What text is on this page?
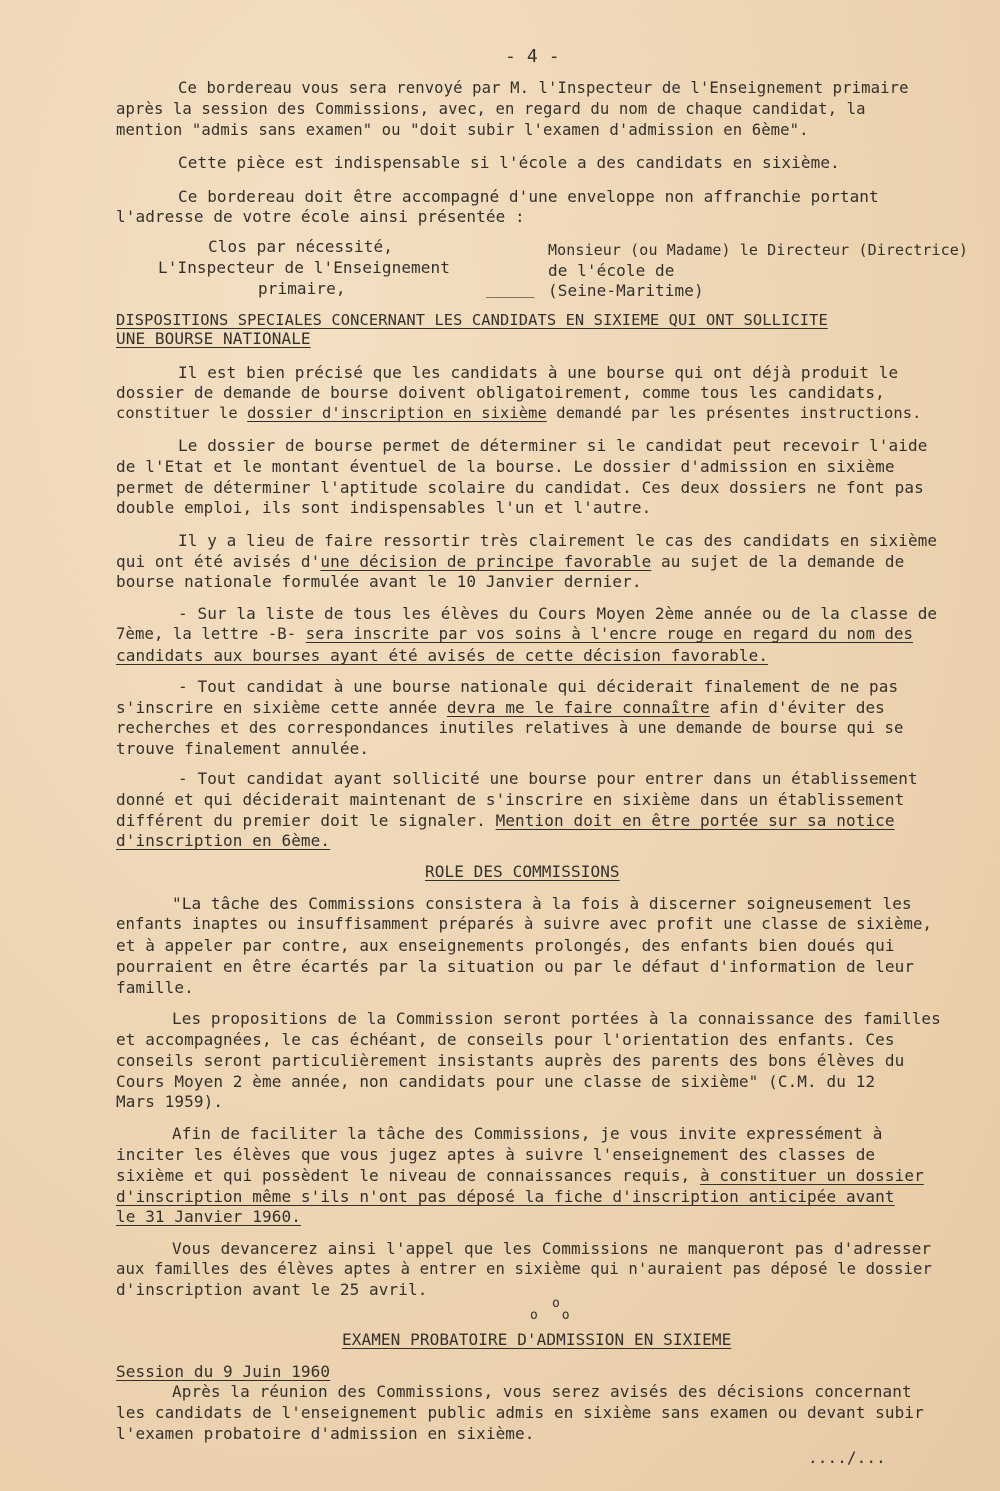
- 4 -

Ce bordereau vous sera renvoyé par M. l'Inspecteur de l'Enseignement primaire

après la session des Commissions, avec, en regard du nom de chaque candidat, la

mention "admis sans examen" ou "doit subir l'examen d'admission en 6ème".

Cette pièce est indispensable si l'école a des candidats en sixième.

Ce bordereau doit être accompagné d'une enveloppe non affranchie portant

l'adresse de votre école ainsi présentée :

Clos par nécessité,

L'Inspecteur de l'Enseignement

primaire,	_____

Monsieur (ou Madame) le Directeur (Directrice)

de l'école de

(Seine-Maritime)

DISPOSITIONS SPECIALES CONCERNANT LES CANDIDATS EN SIXIEME QUI ONT SOLLICITE

UNE BOURSE NATIONALE

Il est bien précisé que les candidats à une bourse qui ont déjà produit le

dossier de demande de bourse doivent obligatoirement, comme tous les candidats,

constituer le dossier d'inscription en sixième demandé par les présentes instructions.

Le dossier de bourse permet de déterminer si le candidat peut recevoir l'aide

de l'Etat et le montant éventuel de la bourse. Le dossier d'admission en sixième

permet de déterminer l'aptitude scolaire du candidat. Ces deux dossiers ne font pas

double emploi, ils sont indispensables l'un et l'autre.

Il y a lieu de faire ressortir très clairement le cas des candidats en sixième

qui ont été avisés d'une décision de principe favorable au sujet de la demande de

bourse nationale formulée avant le 10 Janvier dernier.

- Sur la liste de tous les élèves du Cours Moyen 2ème année ou de la classe de

7ème, la lettre -B- sera inscrite par vos soins à l'encre rouge en regard du nom des

candidats aux bourses ayant été avisés de cette décision favorable.

- Tout candidat à une bourse nationale qui déciderait finalement de ne pas

s'inscrire en sixième cette année devra me le faire connaître afin d'éviter des

recherches et des correspondances inutiles relatives à une demande de bourse qui se

trouve finalement annulée.

- Tout candidat ayant sollicité une bourse pour entrer dans un établissement

donné et qui déciderait maintenant de s'inscrire en sixième dans un établissement

différent du premier doit le signaler. Mention doit en être portée sur sa notice

d'inscription en 6ème.

ROLE DES COMMISSIONS

"La tâche des Commissions consistera à la fois à discerner soigneusement les

enfants inaptes ou insuffisamment préparés à suivre avec profit une classe de sixième,

et à appeler par contre, aux enseignements prolongés, des enfants bien doués qui

pourraient en être écartés par la situation ou par le défaut d'information de leur

famille.

Les propositions de la Commission seront portées à la connaissance des familles

et accompagnées, le cas échéant, de conseils pour l'orientation des enfants. Ces

conseils seront particulièrement insistants auprès des parents des bons élèves du

Cours Moyen 2 ème année, non candidats pour une classe de sixième" (C.M. du 12

Mars 1959).

Afin de faciliter la tâche des Commissions, je vous invite expressément à

inciter les élèves que vous jugez aptes à suivre l'enseignement des classes de

sixième et qui possèdent le niveau de connaissances requis, à constituer un dossier

d'inscription même s'ils n'ont pas déposé la fiche d'inscription anticipée avant

le 31 Janvier 1960.

Vous devancerez ainsi l'appel que les Commissions ne manqueront pas d'adresser

aux familles des élèves aptes à entrer en sixième qui n'auraient pas déposé le dossier

d'inscription avant le 25 avril.

o

o   o

EXAMEN PROBATOIRE D'ADMISSION EN SIXIEME

Session du 9 Juin 1960

Après la réunion des Commissions, vous serez avisés des décisions concernant

les candidats de l'enseignement public admis en sixième sans examen ou devant subir

l'examen probatoire d'admission en sixième.

..../...
